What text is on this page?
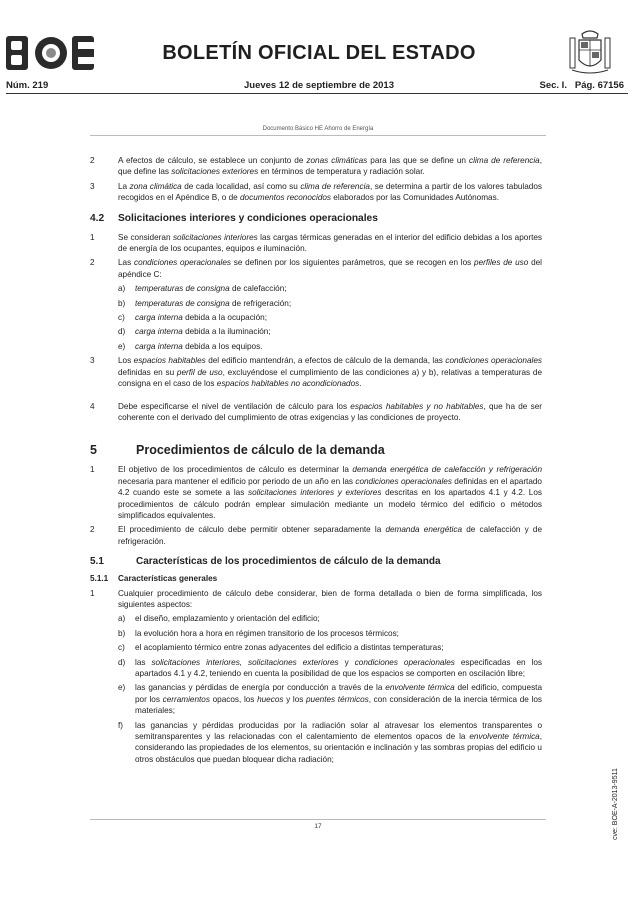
BOLETÍN OFICIAL DEL ESTADO
Núm. 219	Jueves 12 de septiembre de 2013	Sec. I.   Pág. 67156
Documento Básico HE Ahorro de Energía
2	A efectos de cálculo, se establece un conjunto de zonas climáticas para las que se define un clima de referencia, que define las solicitaciones exteriores en términos de temperatura y radiación solar.
3	La zona climática de cada localidad, así como su clima de referencia, se determina a partir de los valores tabulados recogidos en el Apéndice B, o de documentos reconocidos elaborados por las Comunidades Autónomas.
4.2 Solicitaciones interiores y condiciones operacionales
1	Se consideran solicitaciones interiores las cargas térmicas generadas en el interior del edificio debidas a los aportes de energía de los ocupantes, equipos e iluminación.
2	Las condiciones operacionales se definen por los siguientes parámetros, que se recogen en los perfiles de uso del apéndice C:
a) temperaturas de consigna de calefacción;
b) temperaturas de consigna de refrigeración;
c) carga interna debida a la ocupación;
d) carga interna debida a la iluminación;
e) carga interna debida a los equipos.
3	Los espacios habitables del edificio mantendrán, a efectos de cálculo de la demanda, las condiciones operacionales definidas en su perfil de uso, excluyéndose el cumplimiento de las condiciones a) y b), relativas a temperaturas de consigna en el caso de los espacios habitables no acondicionados.
4	Debe especificarse el nivel de ventilación de cálculo para los espacios habitables y no habitables, que ha de ser coherente con el derivado del cumplimiento de otras exigencias y las condiciones de proyecto.
5	Procedimientos de cálculo de la demanda
1	El objetivo de los procedimientos de cálculo es determinar la demanda energética de calefacción y refrigeración necesaria para mantener el edificio por periodo de un año en las condiciones operacionales definidas en el apartado 4.2 cuando este se somete a las solicitaciones interiores y exteriores descritas en los apartados 4.1 y 4.2. Los procedimientos de cálculo podrán emplear simulación mediante un modelo térmico del edificio o métodos simplificados equivalentes.
2	El procedimiento de cálculo debe permitir obtener separadamente la demanda energética de calefacción y de refrigeración.
5.1	Características de los procedimientos de cálculo de la demanda
5.1.1 Características generales
1	Cualquier procedimiento de cálculo debe considerar, bien de forma detallada o bien de forma simplificada, los siguientes aspectos:
a) el diseño, emplazamiento y orientación del edificio;
b) la evolución hora a hora en régimen transitorio de los procesos térmicos;
c) el acoplamiento térmico entre zonas adyacentes del edificio a distintas temperaturas;
d) las solicitaciones interiores, solicitaciones exteriores y condiciones operacionales especificadas en los apartados 4.1 y 4.2, teniendo en cuenta la posibilidad de que los espacios se comporten en oscilación libre;
e) las ganancias y pérdidas de energía por conducción a través de la envolvente térmica del edificio, compuesta por los cerramientos opacos, los huecos y los puentes térmicos, con consideración de la inercia térmica de los materiales;
f) las ganancias y pérdidas producidas por la radiación solar al atravesar los elementos transparentes o semitransparentes y las relacionadas con el calentamiento de elementos opacos de la envolvente térmica, considerando las propiedades de los elementos, su orientación e inclinación y las sombras propias del edificio u otros obstáculos que puedan bloquear dicha radiación;
17	cve: BOE-A-2013-9511
